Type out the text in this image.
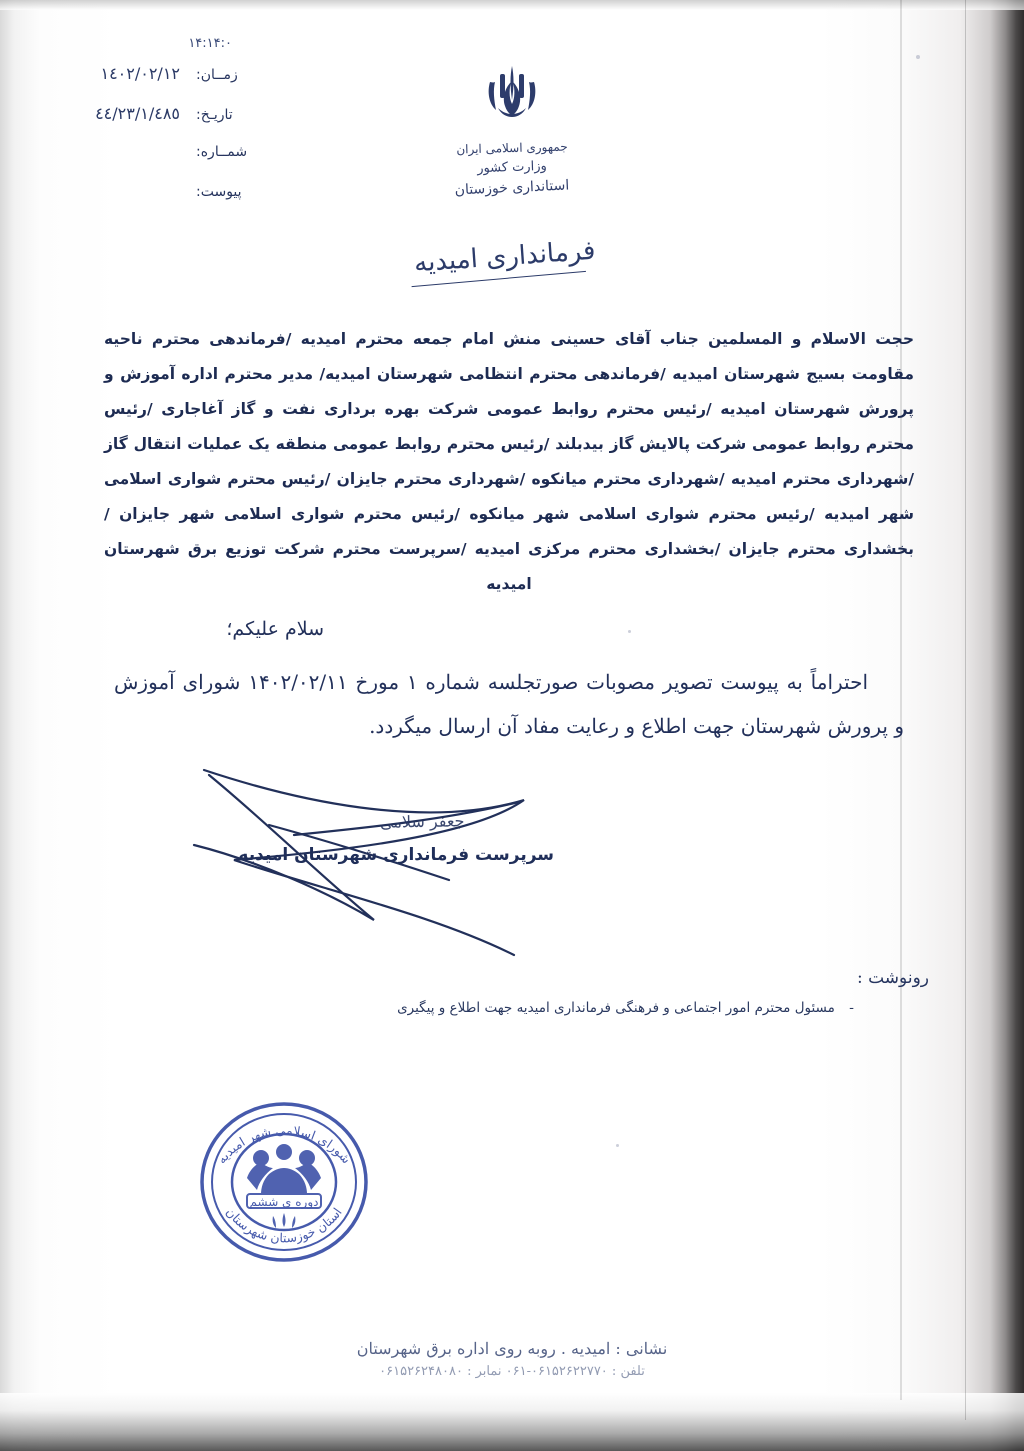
۱۴:۱۴:۰
زمــان:
١٤٠٢/٠٢/١٢
تاریـخ:
٤٤/٢٣/١/٤٨٥
شمــاره:
پیوست:
جمهوری اسلامی ایران
وزارت کشور
استانداری خوزستان
فرمانداری امیدیه
حجت الاسلام و المسلمین جناب آقای حسینی منش امام جمعه محترم امیدیه /فرماندهی محترم ناحیه مقاومت بسیج شهرستان امیدیه /فرماندهی محترم انتظامی شهرستان امیدیه/ مدیر محترم اداره آموزش و پرورش شهرستان امیدیه /رئیس محترم روابط عمومی شرکت بهره برداری نفت و گاز آغاجاری /رئیس محترم روابط عمومی شرکت پالایش گاز بیدبلند /رئیس محترم روابط عمومی منطقه یک عملیات انتقال گاز /شهرداری محترم امیدیه /شهرداری محترم میانکوه /شهرداری محترم جایزان /رئیس محترم شواری اسلامی شهر امیدیه /رئیس محترم شواری اسلامی شهر میانکوه /رئیس محترم شواری اسلامی شهر جایزان /بخشداری محترم جایزان /بخشداری محترم مرکزی امیدیه /سرپرست محترم شرکت توزیع برق شهرستان امیدیه
سلام علیکم؛
احتراماً به پیوست تصویر مصوبات صورتجلسه شماره ۱ مورخ ۱۴۰۲/۰۲/۱۱ شورای آموزش و پرورش شهرستان جهت اطلاع و رعایت مفاد آن ارسال میگردد.
جعفر سلامی
سرپرست فرمانداری شهرستان امیدیه
رونوشت :
- مسئول محترم امور اجتماعی و فرهنگی فرمانداری امیدیه جهت اطلاع و پیگیری
شورای اسلامی شهر امیدیه
استان خوزستان شهرستان
دوره ی ششم
نشانی : امیدیه . روبه روی اداره برق شهرستان
تلفن : ۰۶۱۵۲۶۲۲۷۷۰-۰۶۱ نمابر : ۰۶۱۵۲۶۲۴۸۰۸۰
